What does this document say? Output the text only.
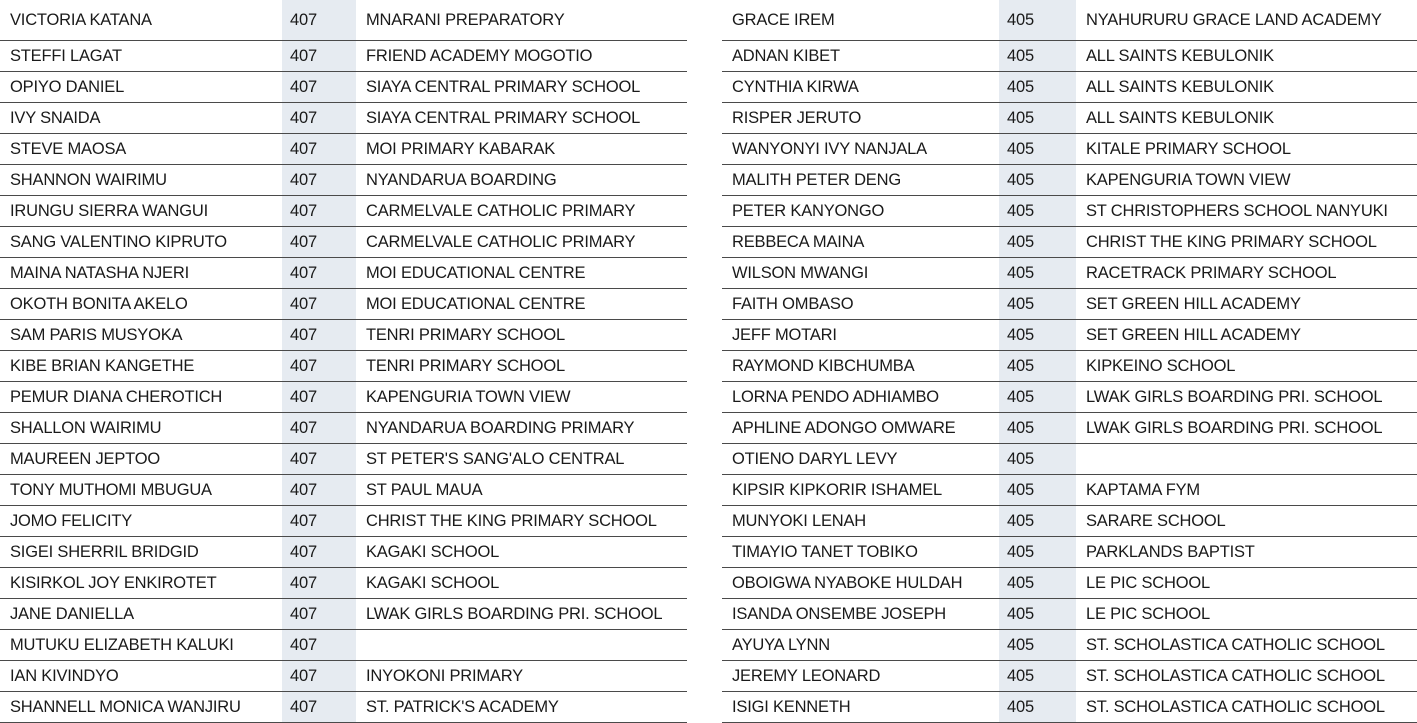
VICTORIA KATANA	407	MNARANI PREPARATORY
STEFFI LAGAT	407	FRIEND ACADEMY MOGOTIO
OPIYO DANIEL	407	SIAYA CENTRAL PRIMARY SCHOOL
IVY SNAIDA	407	SIAYA CENTRAL PRIMARY SCHOOL
STEVE MAOSA	407	MOI PRIMARY KABARAK
SHANNON WAIRIMU	407	NYANDARUA BOARDING
IRUNGU SIERRA WANGUI	407	CARMELVALE CATHOLIC PRIMARY
SANG VALENTINO KIPRUTO	407	CARMELVALE CATHOLIC PRIMARY
MAINA NATASHA NJERI	407	MOI EDUCATIONAL CENTRE
OKOTH BONITA AKELO	407	MOI EDUCATIONAL CENTRE
SAM PARIS MUSYOKA	407	TENRI PRIMARY SCHOOL
KIBE BRIAN KANGETHE	407	TENRI PRIMARY SCHOOL
PEMUR DIANA CHEROTICH	407	KAPENGURIA TOWN VIEW
SHALLON WAIRIMU	407	NYANDARUA BOARDING PRIMARY
MAUREEN JEPTOO	407	ST PETER'S SANG'ALO CENTRAL
TONY MUTHOMI MBUGUA	407	ST PAUL MAUA
JOMO FELICITY	407	CHRIST THE KING PRIMARY SCHOOL
SIGEI SHERRIL BRIDGID	407	KAGAKI SCHOOL
KISIRKOL JOY ENKIROTET	407	KAGAKI SCHOOL
JANE DANIELLA	407	LWAK GIRLS BOARDING PRI. SCHOOL
MUTUKU ELIZABETH KALUKI	407	
IAN KIVINDYO	407	INYOKONI PRIMARY
SHANNELL MONICA WANJIRU	407	ST. PATRICK'S ACADEMY
GRACE IREM	405	NYAHURURU GRACE LAND ACADEMY
ADNAN KIBET	405	ALL SAINTS KEBULONIK
CYNTHIA KIRWA	405	ALL SAINTS KEBULONIK
RISPER JERUTO	405	ALL SAINTS KEBULONIK
WANYONYI IVY NANJALA	405	KITALE PRIMARY SCHOOL
MALITH PETER DENG	405	KAPENGURIA TOWN VIEW
PETER KANYONGO	405	ST CHRISTOPHERS SCHOOL NANYUKI
REBBECA MAINA	405	CHRIST THE KING PRIMARY SCHOOL
WILSON MWANGI	405	RACETRACK PRIMARY SCHOOL
FAITH OMBASO	405	SET GREEN HILL ACADEMY
JEFF MOTARI	405	SET GREEN HILL ACADEMY
RAYMOND KIBCHUMBA	405	KIPKEINO SCHOOL
LORNA PENDO ADHIAMBO	405	LWAK GIRLS BOARDING PRI. SCHOOL
APHLINE ADONGO OMWARE	405	LWAK GIRLS BOARDING PRI. SCHOOL
OTIENO DARYL LEVY	405	
KIPSIR KIPKORIR ISHAMEL	405	KAPTAMA FYM
MUNYOKI LENAH	405	SARARE SCHOOL
TIMAYIO TANET TOBIKO	405	PARKLANDS BAPTIST
OBOIGWA NYABOKE HULDAH	405	LE PIC SCHOOL
ISANDA ONSEMBE JOSEPH	405	LE PIC SCHOOL
AYUYA LYNN	405	ST. SCHOLASTICA CATHOLIC SCHOOL
JEREMY LEONARD	405	ST. SCHOLASTICA CATHOLIC SCHOOL
ISIGI KENNETH	405	ST. SCHOLASTICA CATHOLIC SCHOOL
